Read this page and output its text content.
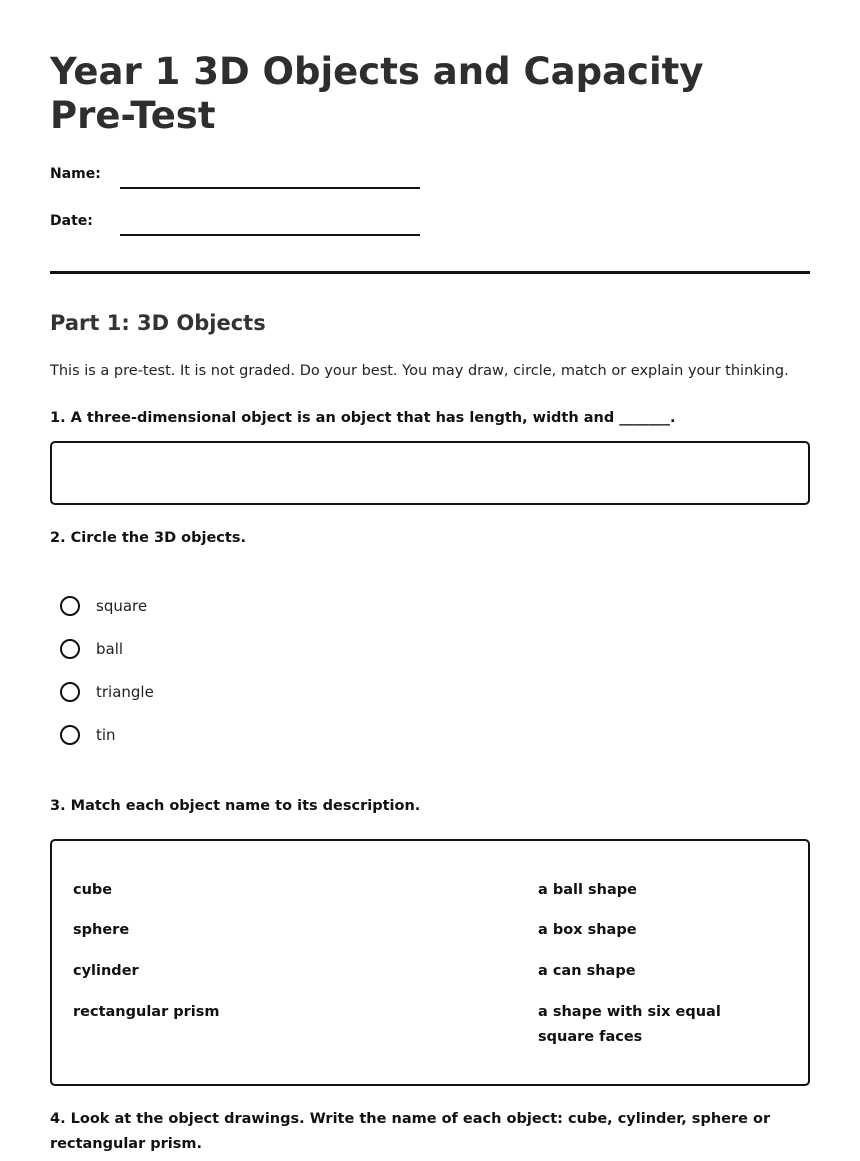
Year 1 3D Objects and Capacity Pre-Test
Name:
Date:
Part 1: 3D Objects
This is a pre-test. It is not graded. Do your best. You may draw, circle, match or explain your thinking.
1. A three-dimensional object is an object that has length, width and _______.
2. Circle the 3D objects.
square
ball
triangle
tin
3. Match each object name to its description.
cube
sphere
cylinder
rectangular prism
a ball shape
a box shape
a can shape
a shape with six equal square faces
4. Look at the object drawings. Write the name of each object: cube, cylinder, sphere or rectangular prism.
